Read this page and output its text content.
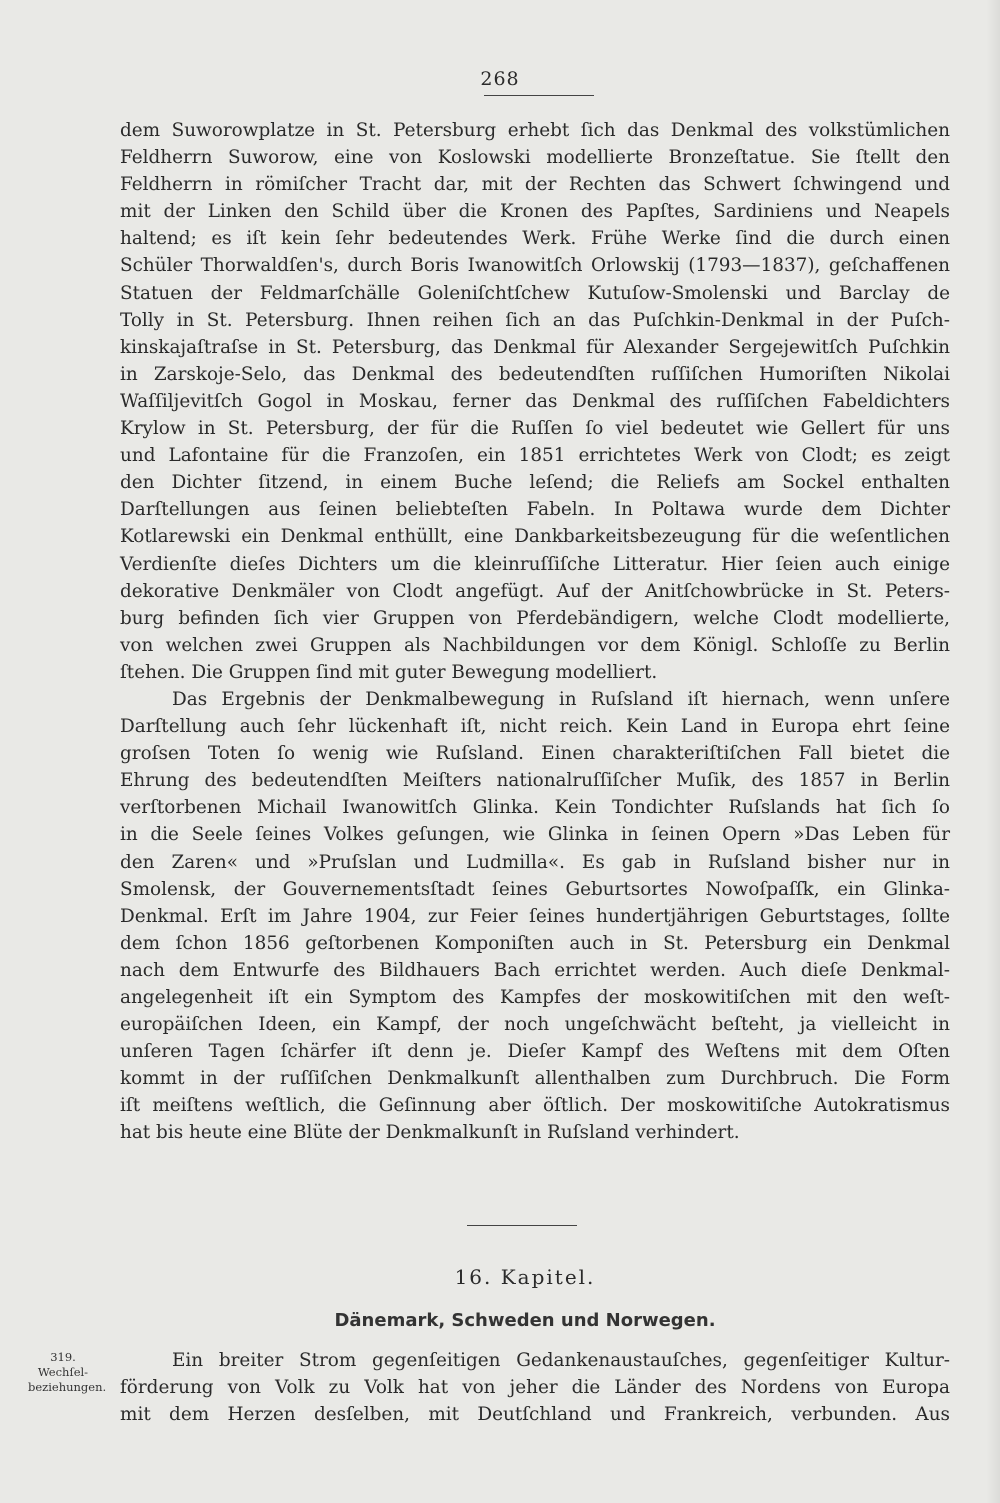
268
dem Suworowplatze in St. Petersburg erhebt ſich das Denkmal des volkstümlichen
Feldherrn Suworow, eine von Koslowski modellierte Bronzeſtatue. Sie ſtellt den
Feldherrn in römiſcher Tracht dar, mit der Rechten das Schwert ſchwingend und
mit der Linken den Schild über die Kronen des Papſtes, Sardiniens und Neapels
haltend; es iſt kein ſehr bedeutendes Werk. Frühe Werke ſind die durch einen
Schüler Thorwaldſen's, durch Boris Iwanowitſch Orlowskij (1793—1837), geſchaffenen
Statuen der Feldmarſchälle Goleniſchtſchew Kutuſow-Smolenski und Barclay de
Tolly in St. Petersburg. Ihnen reihen ſich an das Puſchkin-Denkmal in der Puſch-
kinskajaſtraſse in St. Petersburg, das Denkmal für Alexander Sergejewitſch Puſchkin
in Zarskoje-Selo, das Denkmal des bedeutendſten ruſſiſchen Humoriſten Nikolai
Waſſiljevitſch Gogol in Moskau, ferner das Denkmal des ruſſiſchen Fabeldichters
Krylow in St. Petersburg, der für die Ruſſen ſo viel bedeutet wie Gellert für uns
und Lafontaine für die Franzoſen, ein 1851 errichtetes Werk von Clodt; es zeigt
den Dichter ſitzend, in einem Buche leſend; die Reliefs am Sockel enthalten
Darſtellungen aus ſeinen beliebteſten Fabeln. In Poltawa wurde dem Dichter
Kotlarewski ein Denkmal enthüllt, eine Dankbarkeitsbezeugung für die weſentlichen
Verdienſte dieſes Dichters um die kleinruſſiſche Litteratur. Hier ſeien auch einige
dekorative Denkmäler von Clodt angefügt. Auf der Anitſchowbrücke in St. Peters-
burg befinden ſich vier Gruppen von Pferdebändigern, welche Clodt modellierte,
von welchen zwei Gruppen als Nachbildungen vor dem Königl. Schloſſe zu Berlin
ſtehen. Die Gruppen ſind mit guter Bewegung modelliert.
Das Ergebnis der Denkmalbewegung in Ruſsland iſt hiernach, wenn unſere
Darſtellung auch ſehr lückenhaft iſt, nicht reich. Kein Land in Europa ehrt ſeine
groſsen Toten ſo wenig wie Ruſsland. Einen charakteriſtiſchen Fall bietet die
Ehrung des bedeutendſten Meiſters nationalruſſiſcher Muſik, des 1857 in Berlin
verſtorbenen Michail Iwanowitſch Glinka. Kein Tondichter Ruſslands hat ſich ſo
in die Seele ſeines Volkes geſungen, wie Glinka in ſeinen Opern »Das Leben für
den Zaren« und »Pruſslan und Ludmilla«. Es gab in Ruſsland bisher nur in
Smolensk, der Gouvernementsſtadt ſeines Geburtsortes Nowoſpaſſk, ein Glinka-
Denkmal. Erſt im Jahre 1904, zur Feier ſeines hundertjährigen Geburtstages, ſollte
dem ſchon 1856 geſtorbenen Komponiſten auch in St. Petersburg ein Denkmal
nach dem Entwurfe des Bildhauers Bach errichtet werden. Auch dieſe Denkmal-
angelegenheit iſt ein Symptom des Kampfes der moskowitiſchen mit den weſt-
europäiſchen Ideen, ein Kampf, der noch ungeſchwächt beſteht, ja vielleicht in
unſeren Tagen ſchärfer iſt denn je. Dieſer Kampf des Weſtens mit dem Oſten
kommt in der ruſſiſchen Denkmalkunſt allenthalben zum Durchbruch. Die Form
iſt meiſtens weſtlich, die Geſinnung aber öſtlich. Der moskowitiſche Autokratismus
hat bis heute eine Blüte der Denkmalkunſt in Ruſsland verhindert.
16. Kapitel.
Dänemark, Schweden und Norwegen.
319.
Wechſel-
beziehungen.
Ein breiter Strom gegenſeitigen Gedankenaustauſches, gegenſeitiger Kultur-
förderung von Volk zu Volk hat von jeher die Länder des Nordens von Europa
mit dem Herzen desſelben, mit Deutſchland und Frankreich, verbunden. Aus
